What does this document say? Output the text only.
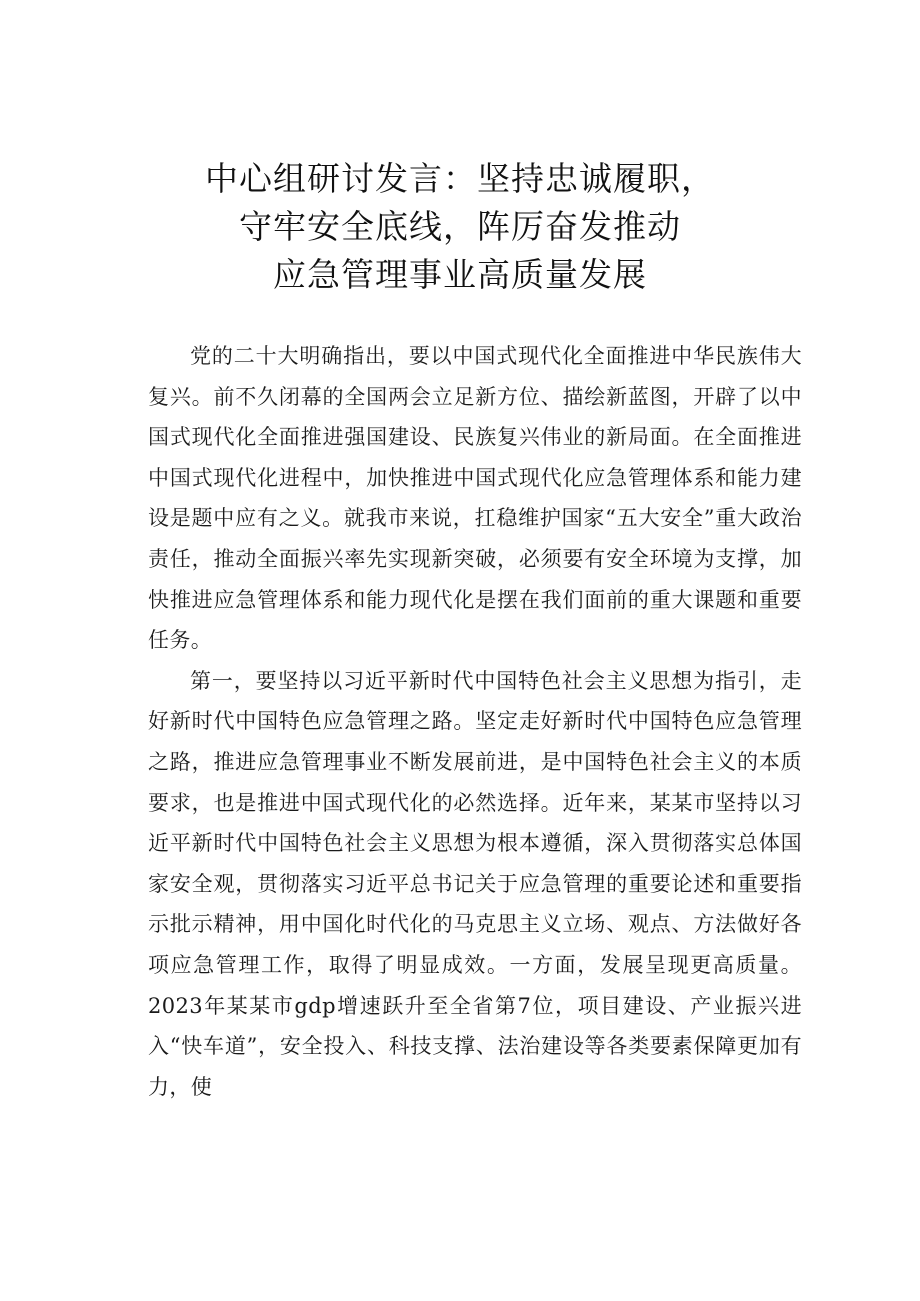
中心组研讨发言：坚持忠诚履职，
守牢安全底线，阵厉奋发推动
应急管理事业高质量发展

党的二十大明确指出，要以中国式现代化全面推进中华民族伟大复兴。前不久闭幕的全国两会立足新方位、描绘新蓝图，开辟了以中国式现代化全面推进强国建设、民族复兴伟业的新局面。在全面推进中国式现代化进程中，加快推进中国式现代化应急管理体系和能力建设是题中应有之义。就我市来说，扛稳维护国家“五大安全”重大政治责任，推动全面振兴率先实现新突破，必须要有安全环境为支撑，加快推进应急管理体系和能力现代化是摆在我们面前的重大课题和重要任务。

第一，要坚持以习近平新时代中国特色社会主义思想为指引，走好新时代中国特色应急管理之路。坚定走好新时代中国特色应急管理之路，推进应急管理事业不断发展前进，是中国特色社会主义的本质要求，也是推进中国式现代化的必然选择。近年来，某某市坚持以习近平新时代中国特色社会主义思想为根本遵循，深入贯彻落实总体国家安全观，贯彻落实习近平总书记关于应急管理的重要论述和重要指示批示精神，用中国化时代化的马克思主义立场、观点、方法做好各项应急管理工作，取得了明显成效。一方面，发展呈现更高质量。2023年某某市gdp增速跃升至全省第7位，项目建设、产业振兴进入“快车道”，安全投入、科技支撑、法治建设等各类要素保障更加有力，使
